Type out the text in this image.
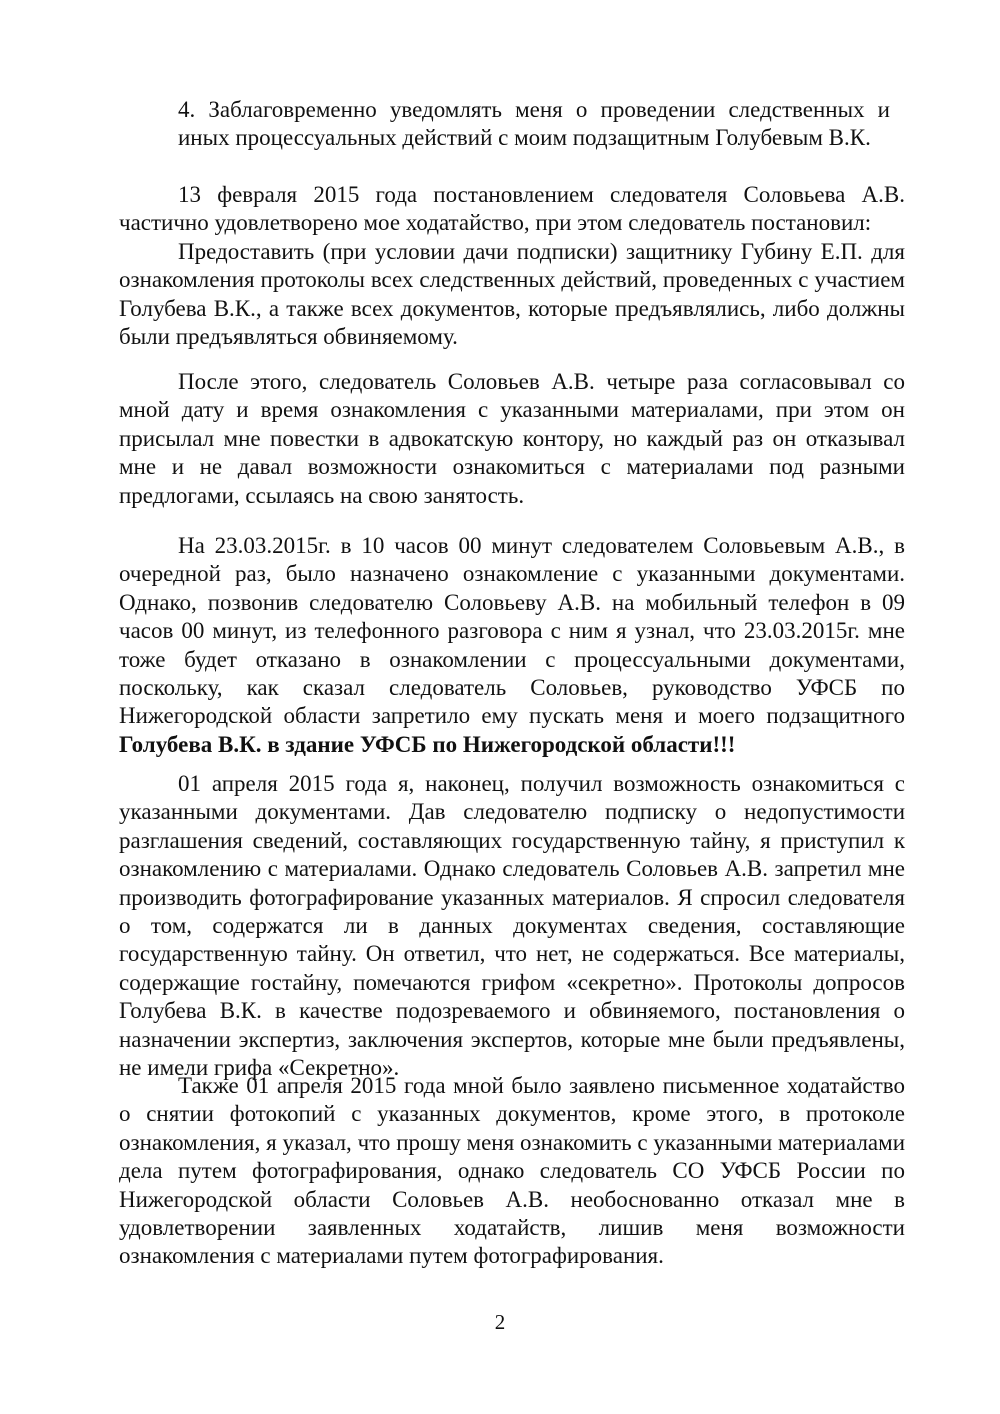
4. Заблаговременно уведомлять меня о проведении следственных и иных процессуальных действий с моим подзащитным Голубевым В.К.

13 февраля 2015 года постановлением следователя Соловьева А.В. частично удовлетворено мое ходатайство, при этом следователь постановил:

Предоставить (при условии дачи подписки) защитнику Губину Е.П. для ознакомления протоколы всех следственных действий, проведенных с участием Голубева В.К., а также всех документов, которые предъявлялись, либо должны были предъявляться обвиняемому.

После этого, следователь Соловьев А.В. четыре раза согласовывал со мной дату и время ознакомления с указанными материалами, при этом он присылал мне повестки в адвокатскую контору, но каждый раз он отказывал мне и не давал возможности ознакомиться с материалами под разными предлогами, ссылаясь на свою занятость.

На 23.03.2015г. в 10 часов 00 минут следователем Соловьевым А.В., в очередной раз, было назначено ознакомление с указанными документами. Однако, позвонив следователю Соловьеву А.В. на мобильный телефон в 09 часов 00 минут, из телефонного разговора с ним я узнал, что 23.03.2015г. мне тоже будет отказано в ознакомлении с процессуальными документами, поскольку, как сказал следователь Соловьев, руководство УФСБ по Нижегородской области запретило ему пускать меня и моего подзащитного Голубева В.К. в здание УФСБ по Нижегородской области!!!

01 апреля 2015 года я, наконец, получил возможность ознакомиться с указанными документами. Дав следователю подписку о недопустимости разглашения сведений, составляющих государственную тайну, я приступил к ознакомлению с материалами. Однако следователь Соловьев А.В. запретил мне производить фотографирование указанных материалов. Я спросил следователя о том, содержатся ли в данных документах сведения, составляющие государственную тайну. Он ответил, что нет, не содержаться. Все материалы, содержащие гостайну, помечаются грифом «секретно». Протоколы допросов Голубева В.К. в качестве подозреваемого и обвиняемого, постановления о назначении экспертиз, заключения экспертов, которые мне были предъявлены, не имели грифа «Секретно».

Также 01 апреля 2015 года мной было заявлено письменное ходатайство о снятии фотокопий с указанных документов, кроме этого, в протоколе ознакомления, я указал, что прошу меня ознакомить с указанными материалами дела путем фотографирования, однако следователь СО УФСБ России по Нижегородской области Соловьев А.В. необоснованно отказал мне в удовлетворении заявленных ходатайств, лишив меня возможности ознакомления с материалами путем фотографирования.

2
